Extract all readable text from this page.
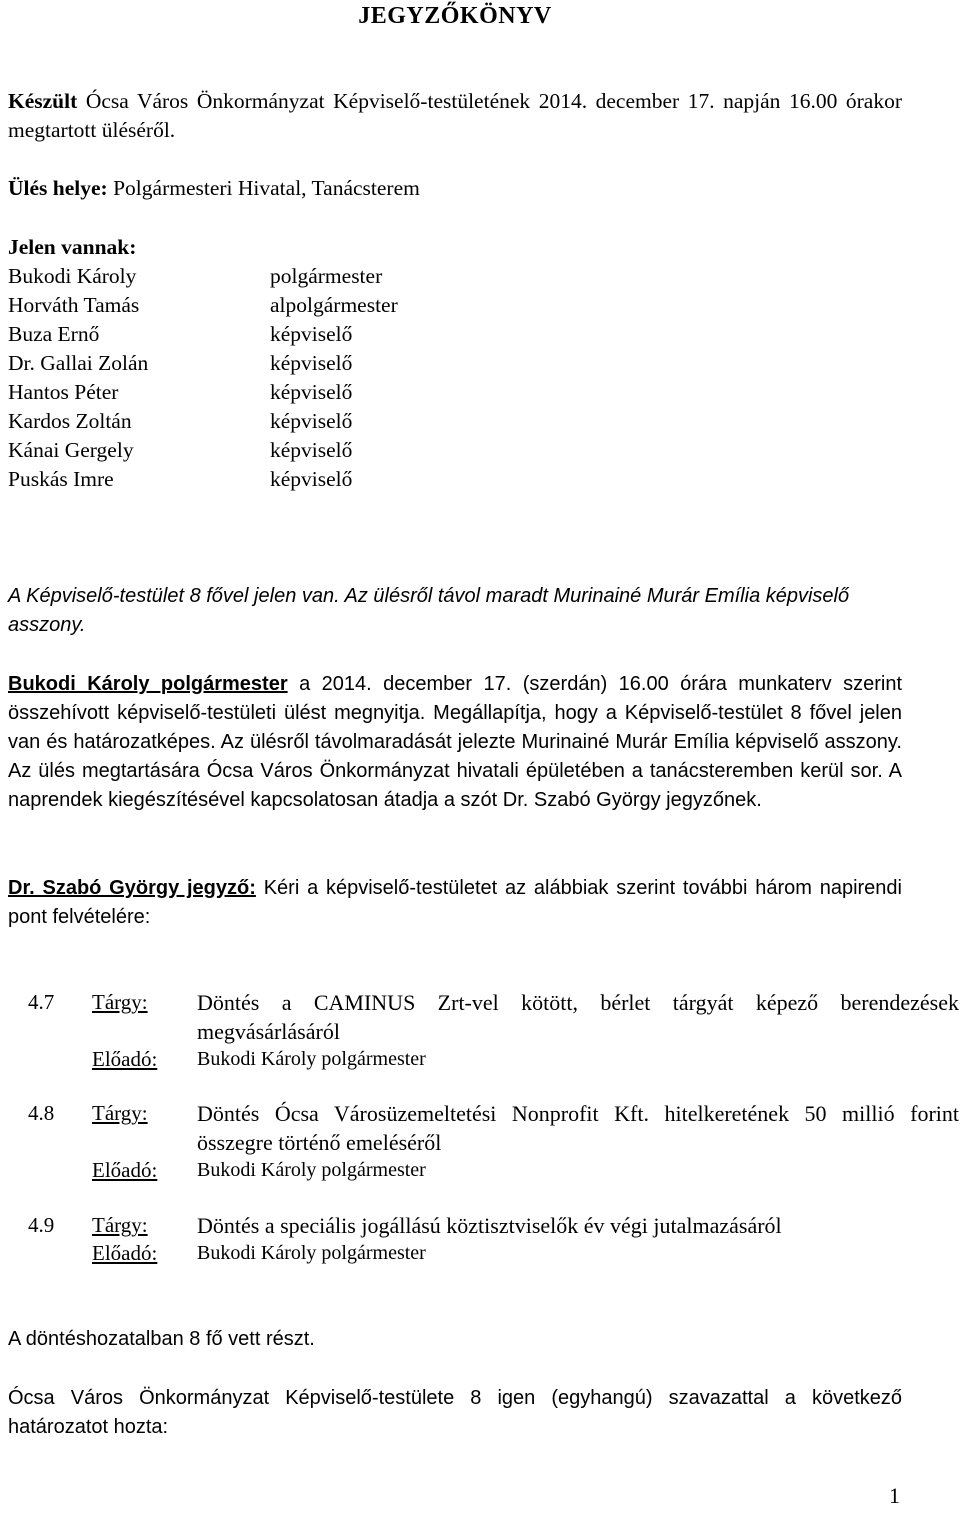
JEGYZŐKÖNYV

Készült Ócsa Város Önkormányzat Képviselő-testületének 2014. december 17. napján 16.00 órakor megtartott üléséről.

Ülés helye: Polgármesteri Hivatal, Tanácsterem

Jelen vannak:

Bukodi Károly	polgármester
Horváth Tamás	alpolgármester
Buza Ernő	képviselő
Dr. Gallai Zolán	képviselő
Hantos Péter	képviselő
Kardos Zoltán	képviselő
Kánai Gergely	képviselő
Puskás Imre	képviselő

A Képviselő-testület 8 fővel jelen van. Az ülésről távol maradt Murinainé Murár Emília képviselő asszony.

Bukodi Károly polgármester a 2014. december 17. (szerdán) 16.00 órára munkaterv szerint összehívott képviselő-testületi ülést megnyitja. Megállapítja, hogy a Képviselő-testület 8 fővel jelen van és határozatképes. Az ülésről távolmaradását jelezte Murinainé Murár Emília képviselő asszony. Az ülés megtartására Ócsa Város Önkormányzat hivatali épületében a tanácsteremben kerül sor. A naprendek kiegészítésével kapcsolatosan átadja a szót Dr. Szabó György jegyzőnek.

Dr. Szabó György jegyző: Kéri a képviselő-testületet az alábbiak szerint további három napirendi pont felvételére:

4.7	Tárgy: Döntés a CAMINUS Zrt-vel kötött, bérlet tárgyát képező berendezések megvásárlásáról
Előadó: Bukodi Károly polgármester
4.8	Tárgy: Döntés Ócsa Városüzemeltetési Nonprofit Kft. hitelkeretének 50 millió forint összegre történő emeléséről
Előadó: Bukodi Károly polgármester
4.9	Tárgy: Döntés a speciális jogállású köztisztviselők év végi jutalmazásáról
Előadó: Bukodi Károly polgármester

A döntéshozatalban 8 fő vett részt.

Ócsa Város Önkormányzat Képviselő-testülete 8 igen (egyhangú) szavazattal a következő határozatot hozta:

1
